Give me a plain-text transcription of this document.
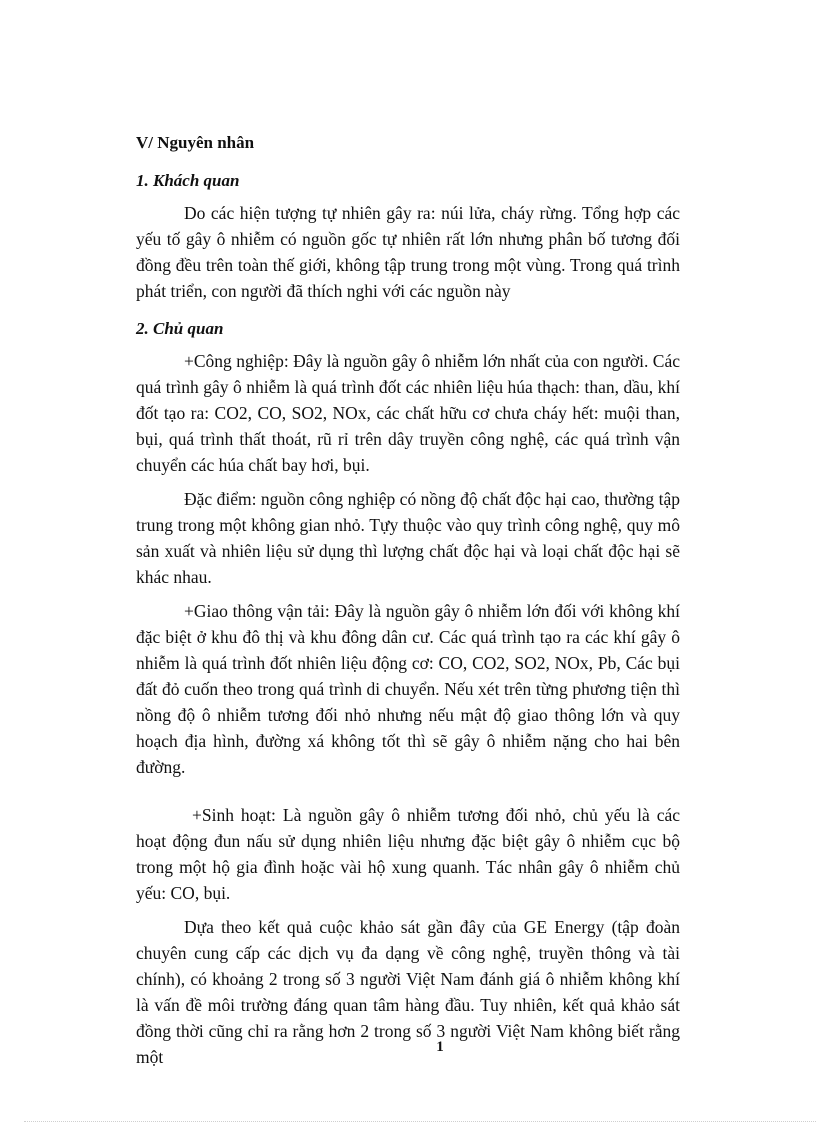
V/ Nguyên nhân

1. Khách quan

Do các hiện tượng tự nhiên gây ra: núi lửa, cháy rừng. Tổng hợp các yếu tố gây ô nhiễm có nguồn gốc tự nhiên rất lớn nhưng phân bố tương đối đồng đều trên toàn thế giới, không tập trung trong một vùng. Trong quá trình phát triển, con người đã thích nghi với các nguồn này

2. Chủ quan

+Công nghiệp: Đây là nguồn gây ô nhiễm lớn nhất của con người. Các quá trình gây ô nhiễm là quá trình đốt các nhiên liệu húa thạch: than, dầu, khí đốt tạo ra: CO2, CO, SO2, NOx, các chất hữu cơ chưa cháy hết: muội than, bụi, quá trình thất thoát, rũ rỉ trên dây truyền công nghệ, các quá trình vận chuyển các húa chất bay hơi, bụi.

Đặc điểm: nguồn công nghiệp có nồng độ chất độc hại cao, thường tập trung trong một không gian nhỏ. Tựy thuộc vào quy trình công nghệ, quy mô sản xuất và nhiên liệu sử dụng thì lượng chất độc hại và loại chất độc hại sẽ khác nhau.

+Giao thông vận tải: Đây là nguồn gây ô nhiễm lớn đối với không khí đặc biệt ở khu đô thị và khu đông dân cư. Các quá trình tạo ra các khí gây ô nhiễm là quá trình đốt nhiên liệu động cơ: CO, CO2, SO2, NOx, Pb, Các bụi đất đỏ cuốn theo trong quá trình di chuyển. Nếu xét trên từng phương tiện thì nồng độ ô nhiễm tương đối nhỏ nhưng nếu mật độ giao thông lớn và quy hoạch địa hình, đường xá không tốt thì sẽ gây ô nhiễm nặng cho hai bên đường.

+Sinh hoạt: Là nguồn gây ô nhiễm tương đối nhỏ, chủ yếu là các hoạt động đun nấu sử dụng nhiên liệu nhưng đặc biệt gây ô nhiễm cục bộ trong một hộ gia đình hoặc vài hộ xung quanh. Tác nhân gây ô nhiễm chủ yếu: CO, bụi.

Dựa theo kết quả cuộc khảo sát gần đây của GE Energy (tập đoàn chuyên cung cấp các dịch vụ đa dạng về công nghệ, truyền thông và tài chính), có khoảng 2 trong số 3 người Việt Nam đánh giá ô nhiễm không khí là vấn đề môi trường đáng quan tâm hàng đầu. Tuy nhiên, kết quả khảo sát đồng thời cũng chỉ ra rằng hơn 2 trong số 3 người Việt Nam không biết rằng một	1
